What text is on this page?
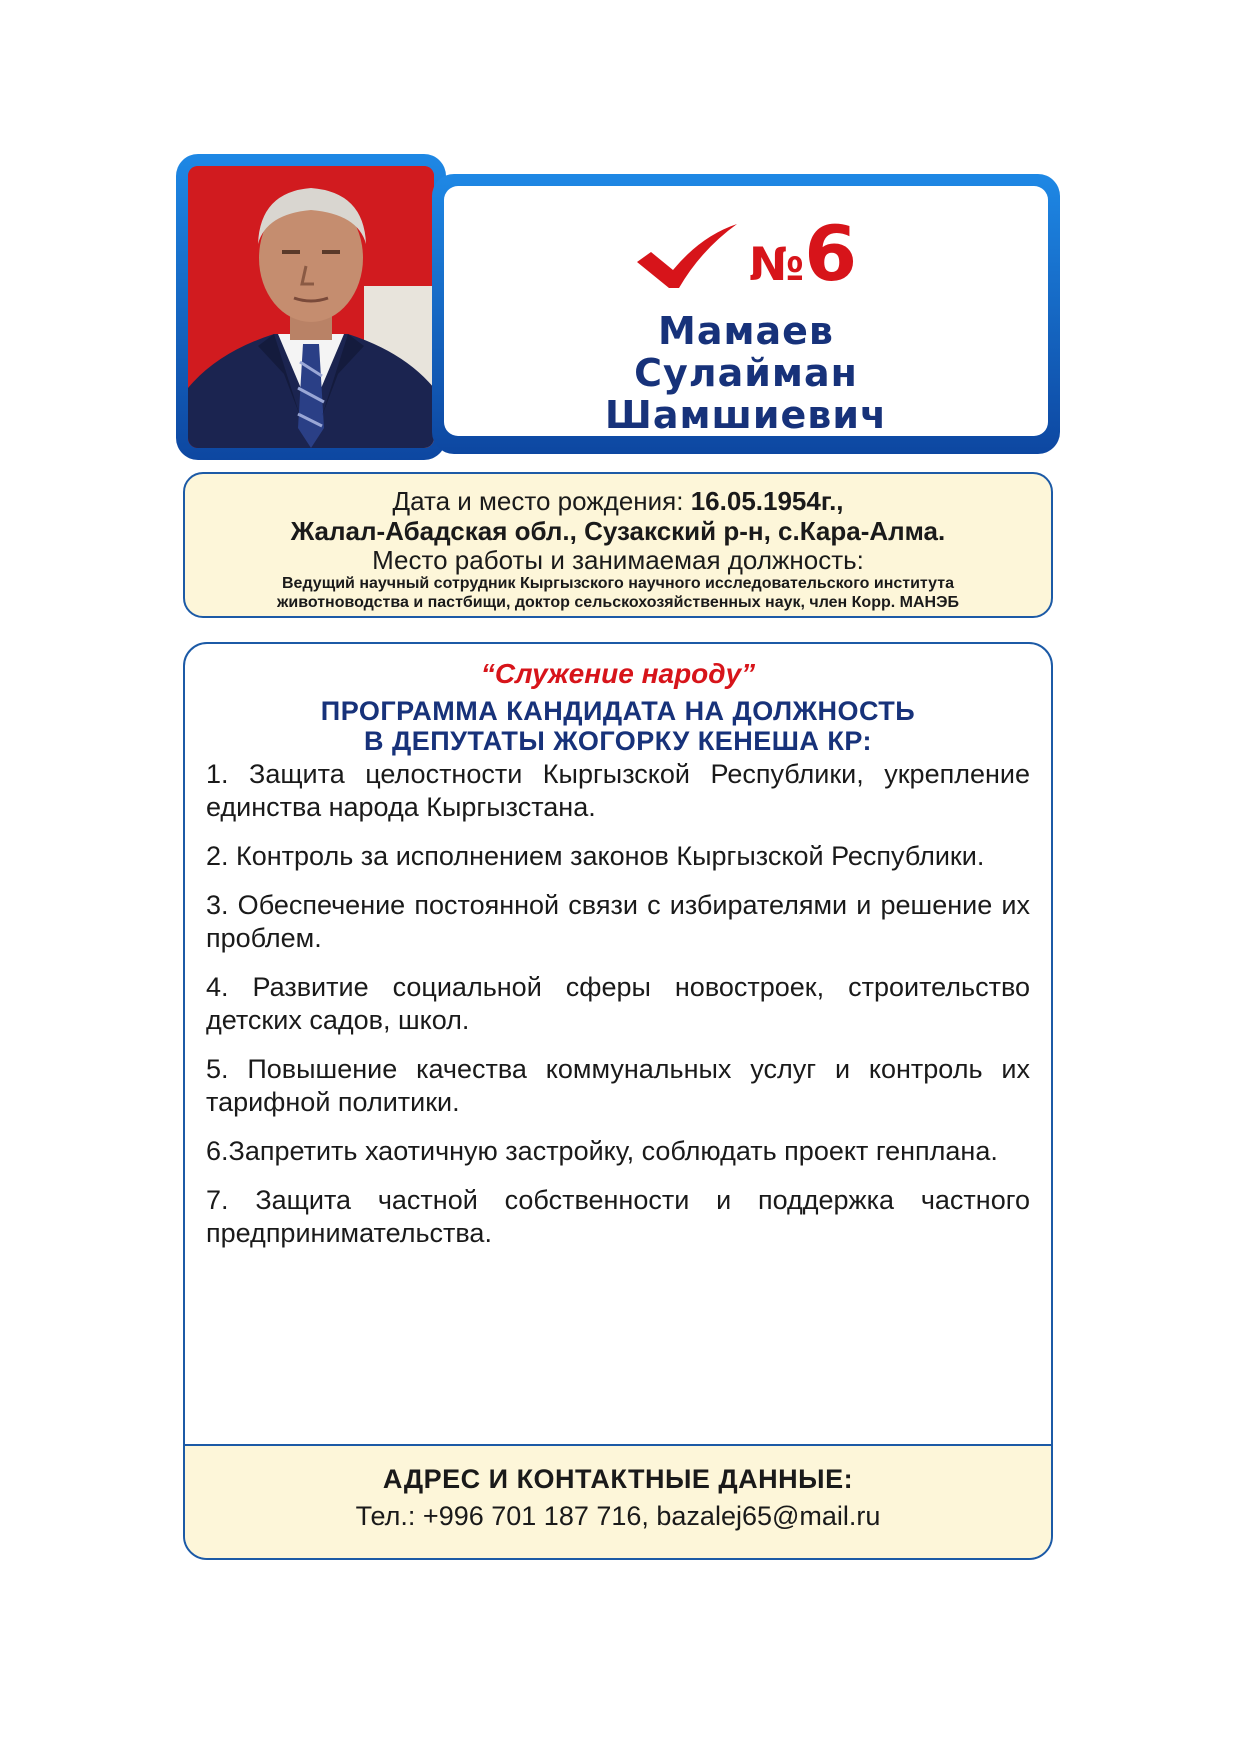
№6
Мамаев
Сулайман
Шамшиевич
Дата и место рождения: 16.05.1954г.,
Жалал-Абадская обл., Сузакский р-н, с.Кара-Алма.
Место работы и занимаемая должность:
Ведущий научный сотрудник Кыргызского научного исследовательского института
животноводства и пастбищи, доктор сельскохозяйственных наук, член Корр. МАНЭБ
“Служение народу”
ПРОГРАММА КАНДИДАТА НА ДОЛЖНОСТЬ
В ДЕПУТАТЫ ЖОГОРКУ КЕНЕША КР:
1. Защита целостности Кыргызской Республики, укрепление единства народа Кыргызстана.
2. Контроль за исполнением законов Кыргызской Республики.
3. Обеспечение постоянной связи с избирателями и решение их проблем.
4. Развитие социальной сферы новостроек, строительство детских садов, школ.
5. Повышение качества коммунальных услуг и контроль их тарифной политики.
6.Запретить хаотичную застройку, соблюдать проект генплана.
7. Защита частной собственности и поддержка частного предпринимательства.
АДРЕС И КОНТАКТНЫЕ ДАННЫЕ:
Тел.: +996 701 187 716, bazalej65@mail.ru
